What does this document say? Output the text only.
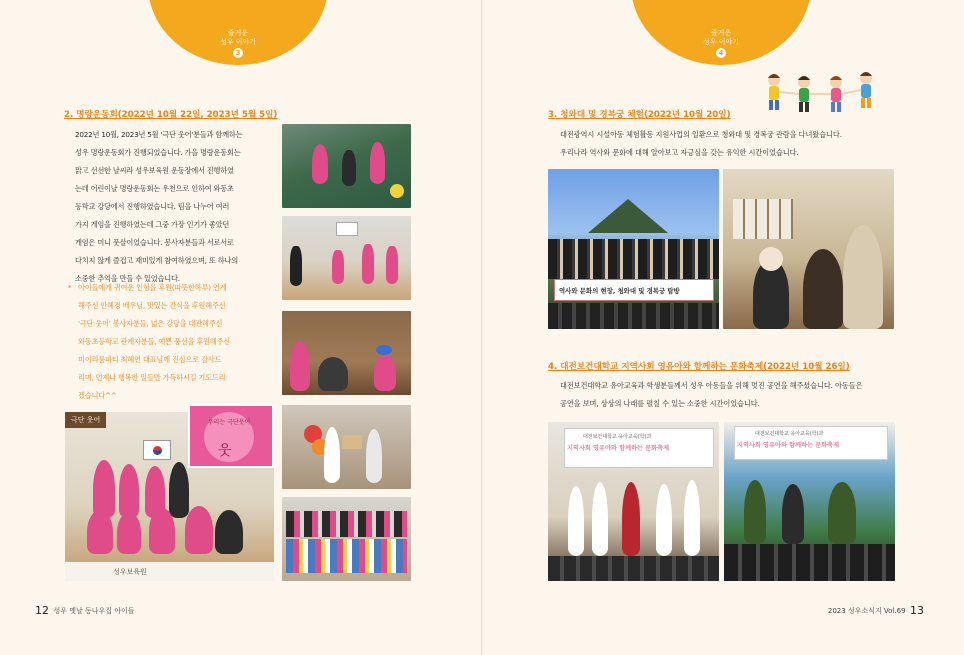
즐거운
성우 이야기
3
2. 명랑운동회(2022년 10월 22일, 2023년 5월 5일)
2022년 10월, 2023년 5월 '극단 웃어'분들과 함께하는
성우 명랑운동회가 진행되었습니다. 가을 명랑운동회는
맑고 선선한 날씨라 성우보육원 운동장에서 진행하였
는데 어린이날 명랑운동회는 우천으로 인하여 와동초
등학교 강당에서 진행하였습니다. 팀을 나누어 여러
가지 게임을 진행하였는데 그중 가장 인기가 좋았던
게임은 미니 풋살이었습니다. 봉사자분들과 서로서로
다치지 않게 즐겁고 재미있게 참여하였으며, 또 하나의
소중한 추억을 만들 수 있었습니다.
* 아이들에게 귀여운 인형을 후원(따뜻한하루) 연계
해주신 안혜경 배우님, 맛있는 간식을 후원해주신
'극단 웃어' 봉사자분들, 넓은 강당을 대관해주신
와동초등학교 관계자분들, 예쁜 풍선을 후원해주신
미이리룸파티 최혜연 대표님께 진심으로 감사드
리며, 언제나 행복한 일들만 가득하시길 기도드리
겠습니다^^
극단 웃어
성우보육원
우리는 극단웃어
웃
12 성우 옛날 동나우집 아이들
즐거운
성우 이야기
4
3. 청와대 및 경복궁 체험(2022년 10월 20일)
대전광역시 시설아동 체험활동 지원사업의 일환으로 청와대 및 경복궁 관람을 다녀왔습니다.
우리나라 역사와 문화에 대해 알아보고 자긍심을 갖는 유익한 시간이었습니다.
역사와 문화의 현장, 청와대 및 경복궁 탐방
4. 대전보건대학교 지역사회 영유아와 함께하는 문화축제(2022년 10월 26일)
대전보건대학교 유아교육과 학생분들께서 성우 아동들을 위해 멋진 공연을 해주셨습니다. 아동들은
공연을 보며, 상상의 나래를 펼칠 수 있는 소중한 시간이었습니다.
대전보건대학교 유아교육(학)과
지역사회 영유아와 함께하는 문화축제
대전보건대학교 유아교육(학)과
지역사회 영유아와 함께하는 문화축제
2023 성우소식지 Vol.69 13
